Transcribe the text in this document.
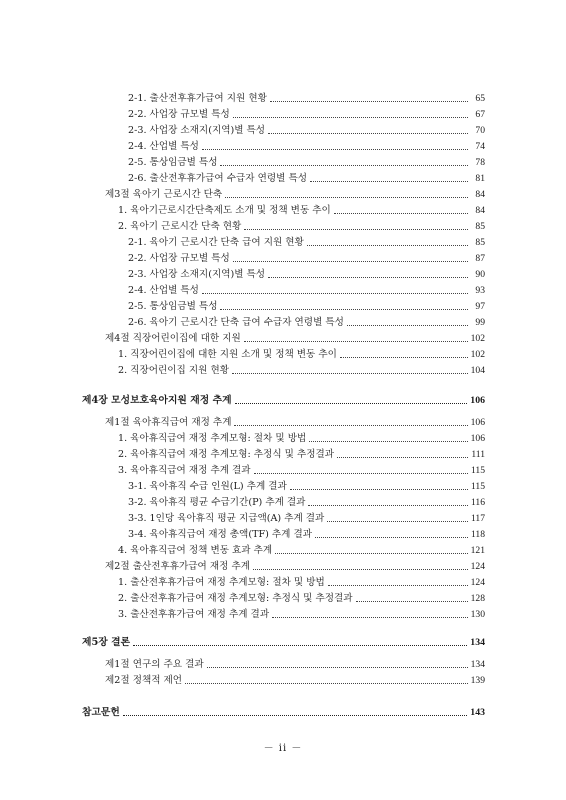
2-1. 출산전후휴가급여 지원 현황	65
2-2. 사업장 규모별 특성	67
2-3. 사업장 소재지(지역)별 특성	70
2-4. 산업별 특성	74
2-5. 통상임금별 특성	78
2-6. 출산전후휴가급여 수급자 연령별 특성	81
제3절 육아기 근로시간 단축	84
1. 육아기근로시간단축제도 소개 및 정책 변동 추이	84
2. 육아기 근로시간 단축 현황	85
2-1. 육아기 근로시간 단축 급여 지원 현황	85
2-2. 사업장 규모별 특성	87
2-3. 사업장 소재지(지역)별 특성	90
2-4. 산업별 특성	93
2-5. 통상임금별 특성	97
2-6. 육아기 근로시간 단축 급여 수급자 연령별 특성	99
제4절 직장어린이집에 대한 지원	102
1. 직장어린이집에 대한 지원 소개 및 정책 변동 추이	102
2. 직장어린이집 지원 현황	104
제4장 모성보호육아지원 재정 추계	106
제1절 육아휴직급여 재정 추계	106
1. 육아휴직급여 재정 추계모형: 절차 및 방법	106
2. 육아휴직급여 재정 추계모형: 추정식 및 추정결과	111
3. 육아휴직급여 재정 추계 결과	115
3-1. 육아휴직 수급 인원(L) 추계 결과	115
3-2. 육아휴직 평균 수급기간(P) 추계 결과	116
3-3. 1인당 육아휴직 평균 지급액(A) 추계 결과	117
3-4. 육아휴직급여 재정 총액(TF) 추계 결과	118
4. 육아휴직급여 정책 변동 효과 추계	121
제2절 출산전후휴가급여 재정 추계	124
1. 출산전후휴가급여 재정 추계모형: 절차 및 방법	124
2. 출산전후휴가급여 재정 추계모형: 추정식 및 추정결과	128
3. 출산전후휴가급여 재정 추계 결과	130
제5장 결론	134
제1절 연구의 주요 결과	134
제2절 정책적 제언	139
참고문헌	143
－ ii －
